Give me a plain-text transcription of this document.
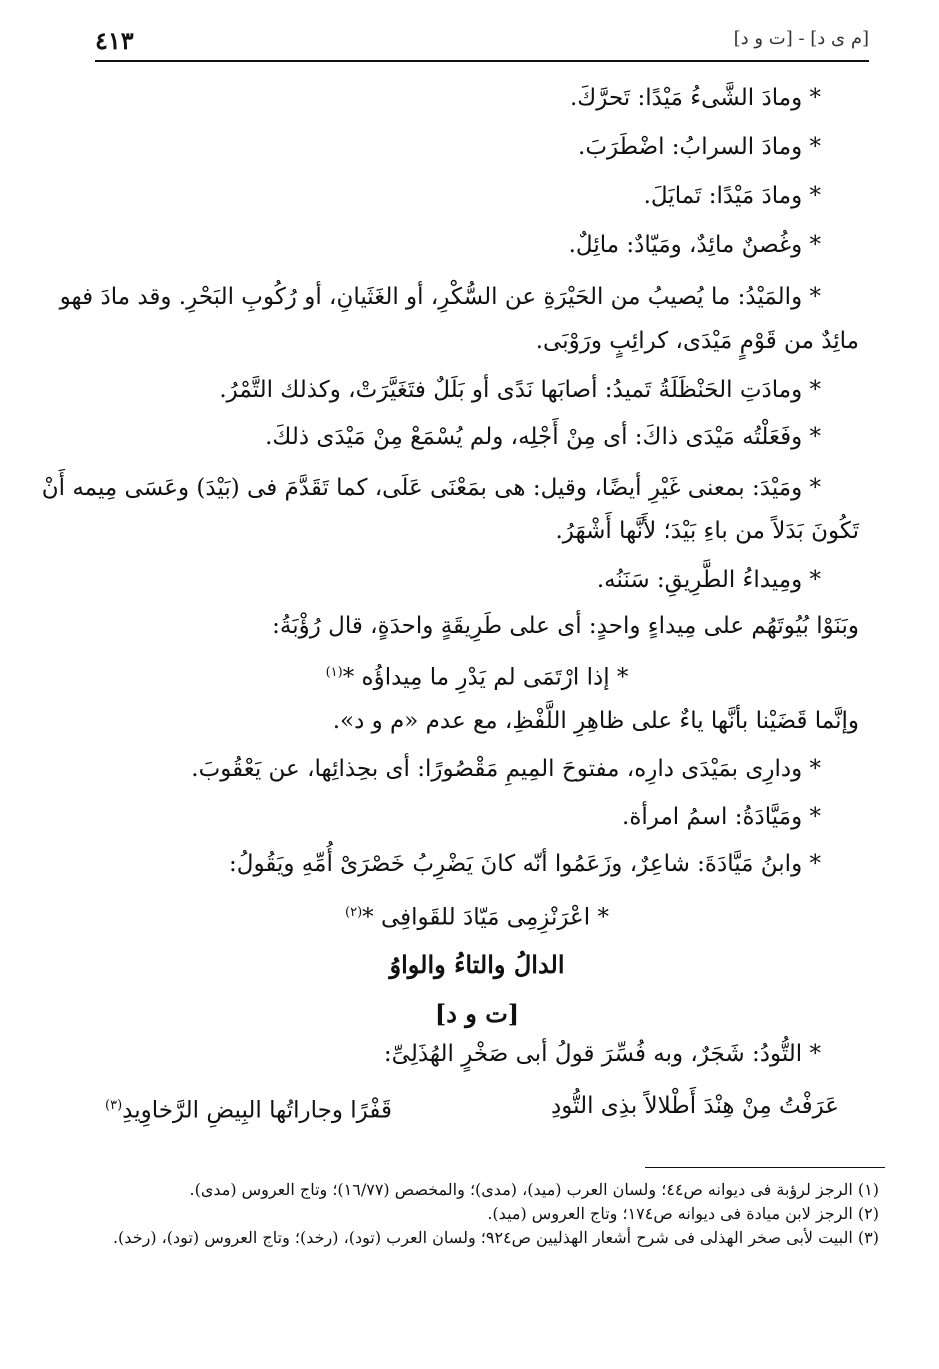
٤١٣	[م ى د] - [ت و د]
* ومادَ الشَّىءُ مَيْدًا: تَحرَّكَ.
* ومادَ السرابُ: اضْطَرَبَ.
* ومادَ مَيْدًا: تَمايَلَ.
* وغُصنٌ مائِدٌ، ومَيّادٌ: مائِلٌ.
* والمَيْدُ: ما يُصيبُ من الحَيْرَةِ عن السُّكْرِ، أو الغَثَيانِ، أو رُكُوبِ البَحْرِ. وقد مادَ فهو
مائِدٌ من قَوْمٍ مَيْدَى، كرائِبٍ ورَوْبَى.
* ومادَتِ الحَنْظَلَةُ تَميدُ: أصابَها نَدًى أو بَلَلٌ فتَغَيَّرَتْ، وكذلك التَّمْرُ.
* وفَعَلْتُه مَيْدَى ذاكَ: أى مِنْ أَجْلِه، ولم يُسْمَعْ مِنْ مَيْدَى ذلكَ.
* ومَيْدَ: بمعنى غَيْرِ أيضًا، وقيل: هى بمَعْنَى عَلَى، كما تَقَدَّمَ فى (بَيْدَ) وعَسَى مِيمه أَنْ
تَكُونَ بَدَلاً من باءِ بَيْدَ؛ لأَنَّها أَشْهَرُ.
* ومِيداءُ الطَّرِيقِ: سَنَنُه.
وبَنَوْا بُيُوتَهُم على مِيداءٍ واحدٍ: أى على طَرِيقَةٍ واحدَةٍ، قال رُؤْبَةُ:
* إذا ارْتَمَى لم يَدْرِ ما مِيداؤُه *$^{(١)}$
وإنَّما قَضَيْنا بأنَّها ياءٌ على ظاهِرِ اللَّفْظِ، مع عدم «م و د».
* ودارِى بمَيْدَى دارِه، مفتوحَ المِيمِ مَقْصُورًا: أى بحِذائِها، عن يَعْقُوبَ.
* ومَيَّادَةُ: اسمُ امرأة.
* وابنُ مَيَّادَةَ: شاعِرٌ، وزَعَمُوا أنّه كانَ يَضْرِبُ خَصْرَىْ أُمِّهِ ويَقُولُ:
* اعْرَنْزِمِى مَيّادَ للقَوافِى *$^{(٢)}$
الدالُ والتاءُ والواوُ
[ت و د]
* التُّودُ: شَجَرٌ، وبه فُسِّرَ قولُ أبى صَخْرٍ الهُذَلِىِّ:
عَرَفْتُ مِنْ هِنْدَ أَطْلالاً بذِى التُّودِ
قَفْرًا وجاراتُها البِيضِ الرَّخاوِيدِ$^{(٣)}$

(١) الرجز لرؤبة فى ديوانه ص٤٤؛ ولسان العرب (ميد)، (مدى)؛ والمخصص (١٦/٧٧)؛ وتاج العروس (مدى).

(٢) الرجز لابن ميادة فى ديوانه ص١٧٤؛ وتاج العروس (ميد).

(٣) البيت لأبى صخر الهذلى فى شرح أشعار الهذليين ص٩٢٤؛ ولسان العرب (تود)، (رخد)؛ وتاج العروس (تود)، (رخد).
